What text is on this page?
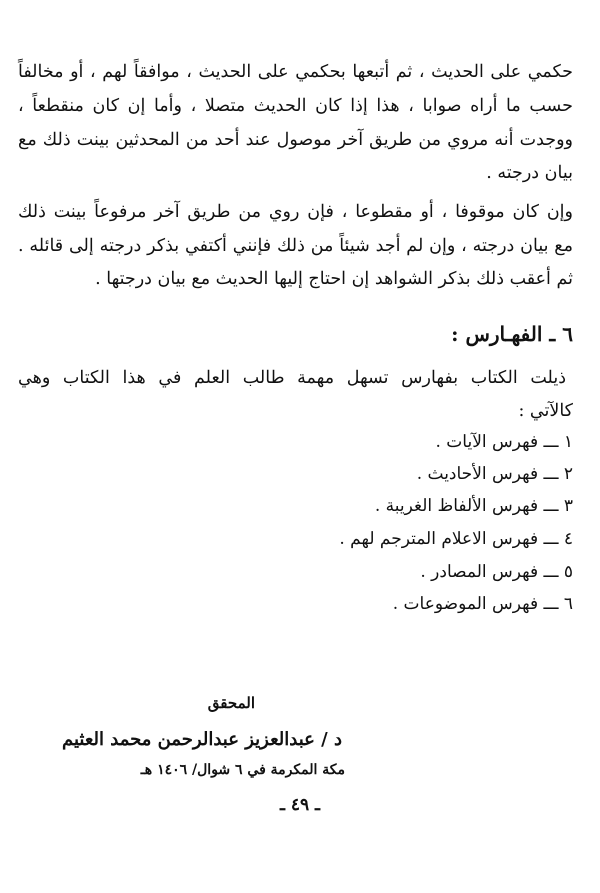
حكمي على الحديث ، ثم أتبعها بحكمي على الحديث ، موافقاً لهم ، أو مخالفاً
حسب ما أراه صوابا ، هذا إذا كان الحديث متصلا ، وأما إن كان منقطعاً ،
ووجدت أنه مروي من طريق آخر موصول عند أحد من المحدثين بينت ذلك مع
بيان درجته .
وإن كان موقوفا ، أو مقطوعا ، فإن روي من طريق آخر مرفوعاً بينت ذلك
مع بيان درجته ، وإن لم أجد شيئاً من ذلك فإنني أكتفي بذكر درجته إلى قائله .
ثم أعقب ذلك بذكر الشواهد إن احتاج إليها الحديث مع بيان درجتها .
٦ ـ الفهـارس :
ذيلت الكتاب بفهارس تسهل مهمة طالب العلم في هذا الكتاب وهي
كالآتي :
١ ـــ فهرس الآيات .
٢ ـــ فهرس الأحاديث .
٣ ـــ فهرس الألفاظ الغريبة .
٤ ـــ فهرس الاعلام المترجم لهم .
٥ ـــ فهرس المصادر .
٦ ـــ فهرس الموضوعات .
المحقق
د / عبدالعزيز عبدالرحمن محمد العثيم
مكة المكرمة في ٦ شوال/ ١٤٠٦ هـ
ـ ٤٩ ـ
